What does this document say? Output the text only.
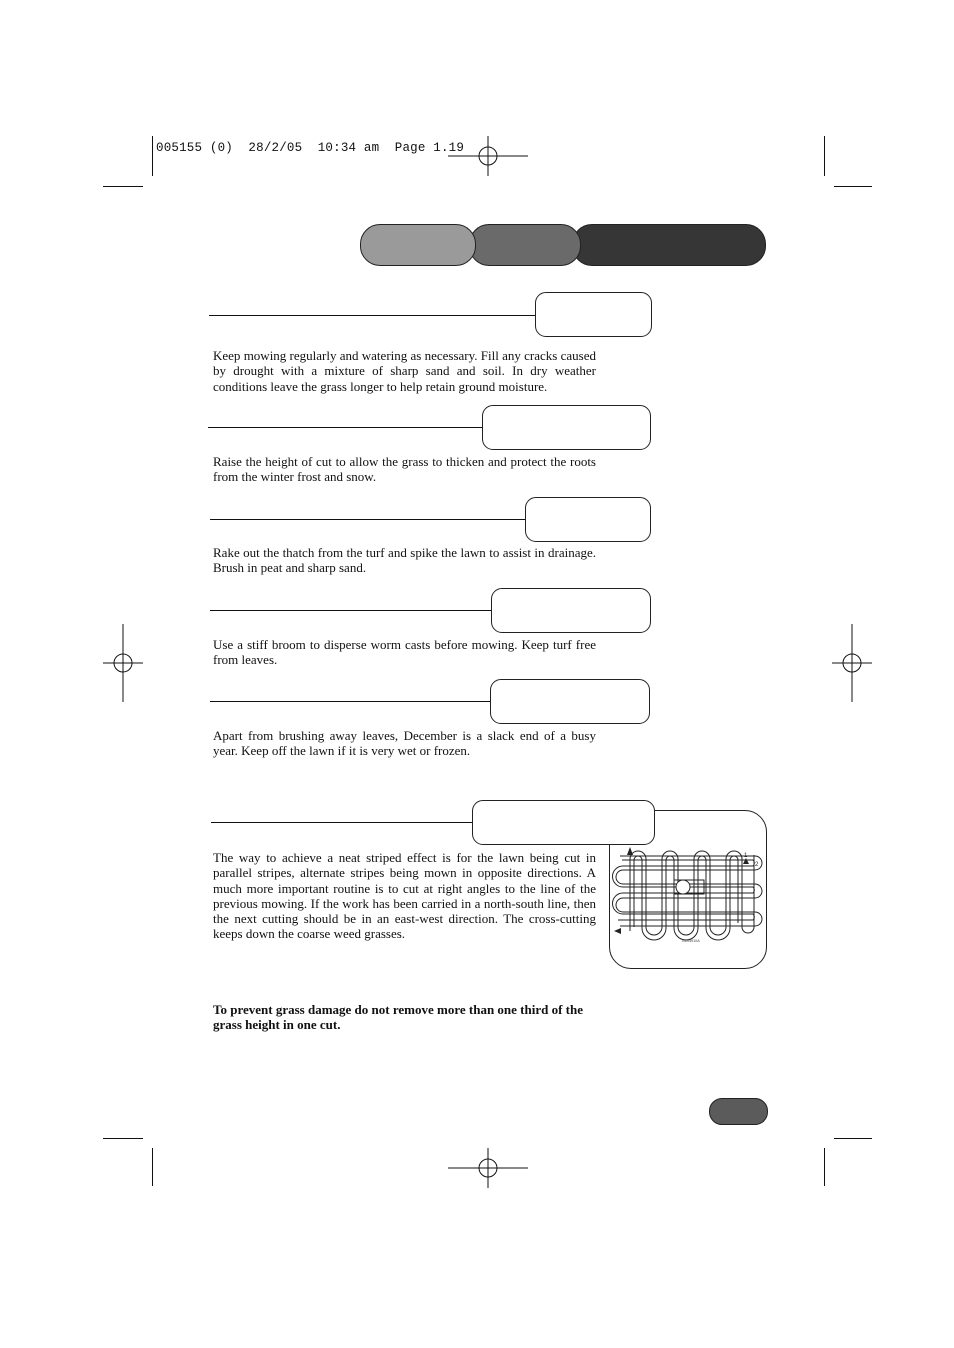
005155 (0)  28/2/05  10:34 am  Page 1.19

Keep mowing regularly and watering as necessary. Fill any cracks caused by drought with a mixture of sharp sand and soil. In dry weather conditions leave the grass longer to help retain ground moisture.

Raise the height of cut to allow the grass to thicken and protect the roots from the winter frost and snow.

Rake out the thatch from the turf and spike the lawn to assist in drainage. Brush in peat and sharp sand.

Use a stiff broom to disperse worm casts before mowing. Keep turf free from leaves.

Apart from brushing away leaves, December is a slack end of a busy year. Keep off the lawn if it is very wet or frozen.

1
2
GC0491XA

The way to achieve a neat striped effect is for the lawn being cut in parallel stripes, alternate stripes being mown in opposite directions. A much more important routine is to cut at right angles to the line of the previous mowing. If the work has been carried in a north-south line, then the next cutting should be in an east-west direction. The cross-cutting keeps down the coarse weed grasses.

To prevent grass damage do not remove more than one third of the grass height in one cut.
